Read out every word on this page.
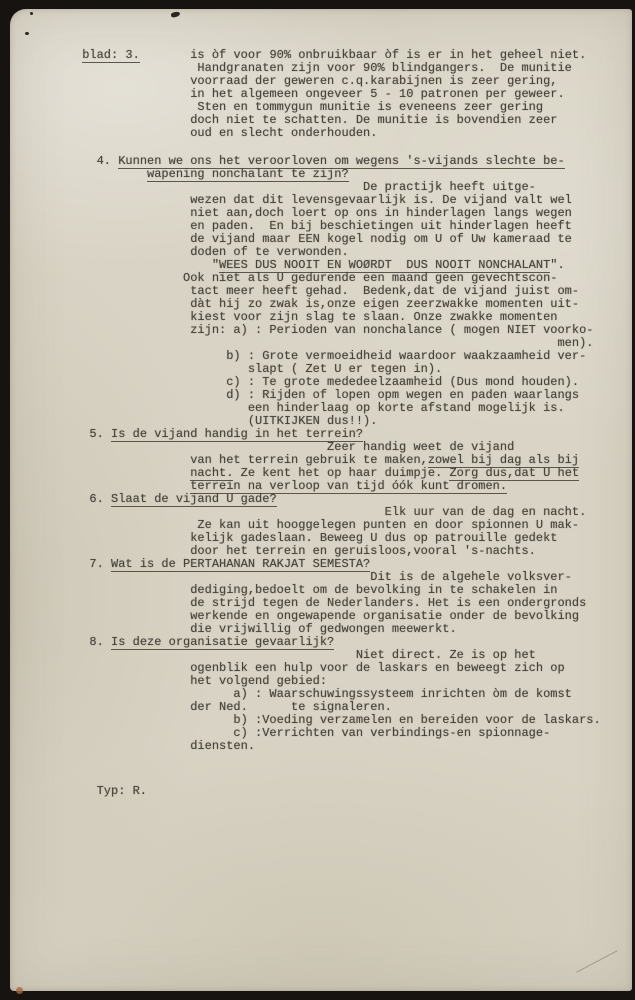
blad: 3.	is òf voor 90% onbruikbaar òf is er in het geheel niet.
Handgranaten zijn voor 90% blindgangers.  De munitie
voorraad der geweren c.q.karabijnen is zeer gering,
in het algemeen ongeveer 5 - 10 patronen per geweer.
Sten en tommygun munitie is eveneens zeer gering
doch niet te schatten. De munitie is bovendien zeer
oud en slecht onderhouden.
4. Kunnen we ons het veroorloven om wegens 's-vijands slechte be-
wapening nonchalant te zijn?
De practijk heeft uitge-
wezen dat dit levensgevaarlijk is. De vijand valt wel
niet aan,doch loert op ons in hinderlagen langs wegen
en paden.  En bij beschietingen uit hinderlagen heeft
de vijand maar EEN kogel nodig om U of Uw kameraad te
doden of te verwonden.
"WEES DUS NOOIT EN WOØRDT  DUS NOOIT NONCHALANT".
Ook niet als U gedurende een maand geen gevechtscon-
tact meer heeft gehad.  Bedenk,dat de vijand juist om-
dàt hij zo zwak is,onze eigen zeerzwakke momenten uit-
kiest voor zijn slag te slaan. Onze zwakke momenten
zijn: a) : Perioden van nonchalance ( mogen NIET voorko-
men).
b) : Grote vermoeidheid waardoor waakzaamheid ver-
slapt ( Zet U er tegen in).
c) : Te grote mededeelzaamheid (Dus mond houden).
d) : Rijden of lopen opm wegen en paden waarlangs
een hinderlaag op korte afstand mogelijk is.
(UITKIJKEN dus!!).
5. Is de vijand handig in het terrein?
Zeer handig weet de vijand
van het terrein gebruik te maken,zowel bij dag als bij
nacht. Ze kent het op haar duimpje. Zorg dus,dat U het
terrein na verloop van tijd óók kunt dromen.
6. Slaat de vijand U gade?
Elk uur van de dag en nacht.
Ze kan uit hooggelegen punten en door spionnen U mak-
kelijk gadeslaan. Beweeg U dus op patrouille gedekt
door het terrein en geruisloos,vooral 's-nachts.
7. Wat is de PERTAHANAN RAKJAT SEMESTA?
Dit is de algehele volksver-
dediging,bedoelt om de bevolking in te schakelen in
de strijd tegen de Nederlanders. Het is een ondergronds
werkende en ongewapende organisatie onder de bevolking
die vrijwillig of gedwongen meewerkt.
8. Is deze organisatie gevaarlijk?
Niet direct. Ze is op het
ogenblik een hulp voor de laskars en beweegt zich op
het volgend gebied:
a) : Waarschuwingssysteem inrichten òm de komst
der Ned.      te signaleren.
b) :Voeding verzamelen en bereiden voor de laskars.
c) :Verrichten van verbindings-en spionnage-
diensten.
Typ: R.
